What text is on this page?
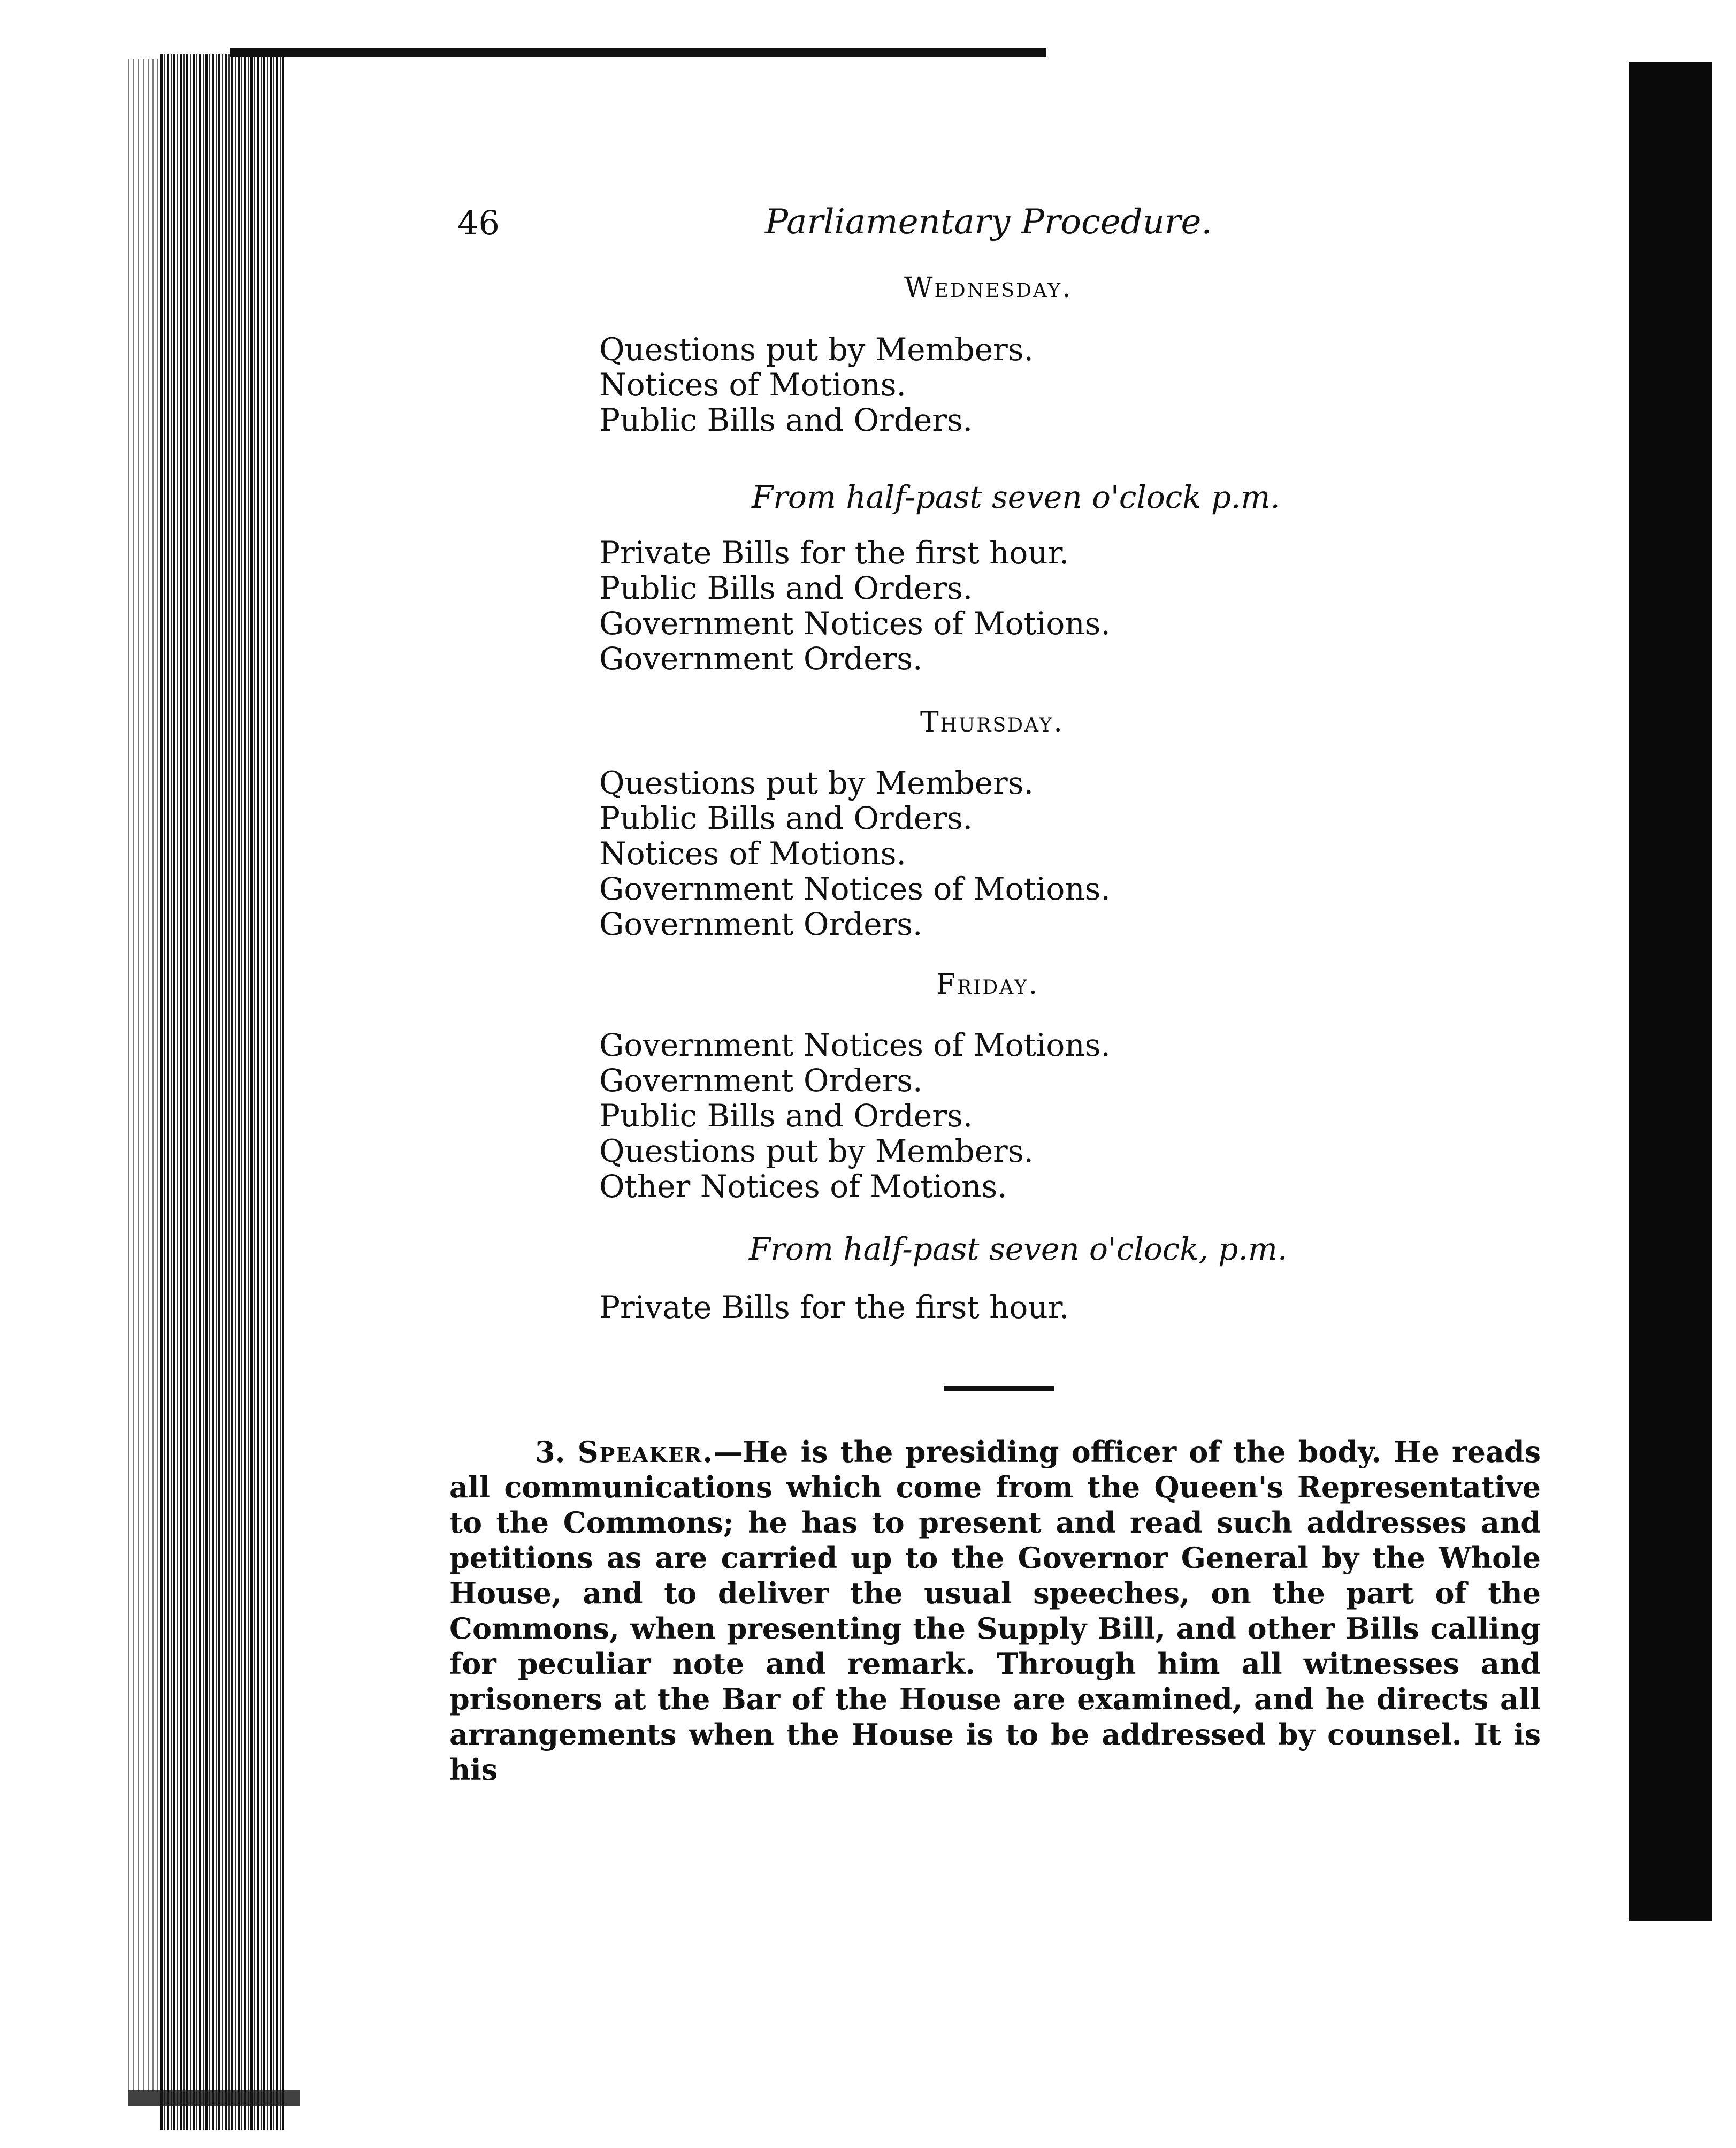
46	Parliamentary Procedure.
Wednesday.
Questions put by Members.
Notices of Motions.
Public Bills and Orders.
From half-past seven o'clock p.m.
Private Bills for the first hour.
Public Bills and Orders.
Government Notices of Motions.
Government Orders.
Thursday.
Questions put by Members.
Public Bills and Orders.
Notices of Motions.
Government Notices of Motions.
Government Orders.
Friday.
Government Notices of Motions.
Government Orders.
Public Bills and Orders.
Questions put by Members.
Other Notices of Motions.
From half-past seven o'clock, p.m.
Private Bills for the first hour.

3. Speaker.—He is the presiding officer of the body. He reads all communications which come from the Queen's Representative to the Commons; he has to present and read such addresses and petitions as are carried up to the Governor General by the Whole House, and to deliver the usual speeches, on the part of the Commons, when presenting the Supply Bill, and other Bills calling for peculiar note and remark. Through him all witnesses and prisoners at the Bar of the House are examined, and he directs all arrangements when the House is to be addressed by counsel. It is his
